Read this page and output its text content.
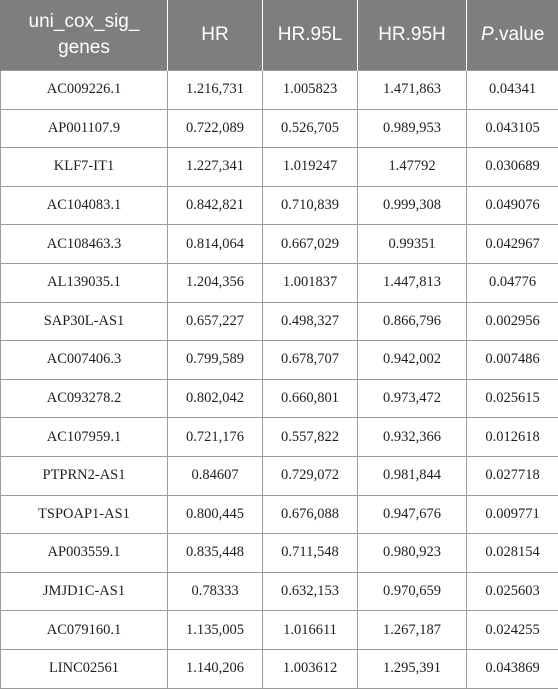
uni_cox_sig_ genes	HR	HR.95L	HR.95H	P.value
AC009226.1	1.216,731	1.005823	1.471,863	0.04341
AP001107.9	0.722,089	0.526,705	0.989,953	0.043105
KLF7-IT1	1.227,341	1.019247	1.47792	0.030689
AC104083.1	0.842,821	0.710,839	0.999,308	0.049076
AC108463.3	0.814,064	0.667,029	0.99351	0.042967
AL139035.1	1.204,356	1.001837	1.447,813	0.04776
SAP30L-AS1	0.657,227	0.498,327	0.866,796	0.002956
AC007406.3	0.799,589	0.678,707	0.942,002	0.007486
AC093278.2	0.802,042	0.660,801	0.973,472	0.025615
AC107959.1	0.721,176	0.557,822	0.932,366	0.012618
PTPRN2-AS1	0.84607	0.729,072	0.981,844	0.027718
TSPOAP1-AS1	0.800,445	0.676,088	0.947,676	0.009771
AP003559.1	0.835,448	0.711,548	0.980,923	0.028154
JMJD1C-AS1	0.78333	0.632,153	0.970,659	0.025603
AC079160.1	1.135,005	1.016611	1.267,187	0.024255
LINC02561	1.140,206	1.003612	1.295,391	0.043869
